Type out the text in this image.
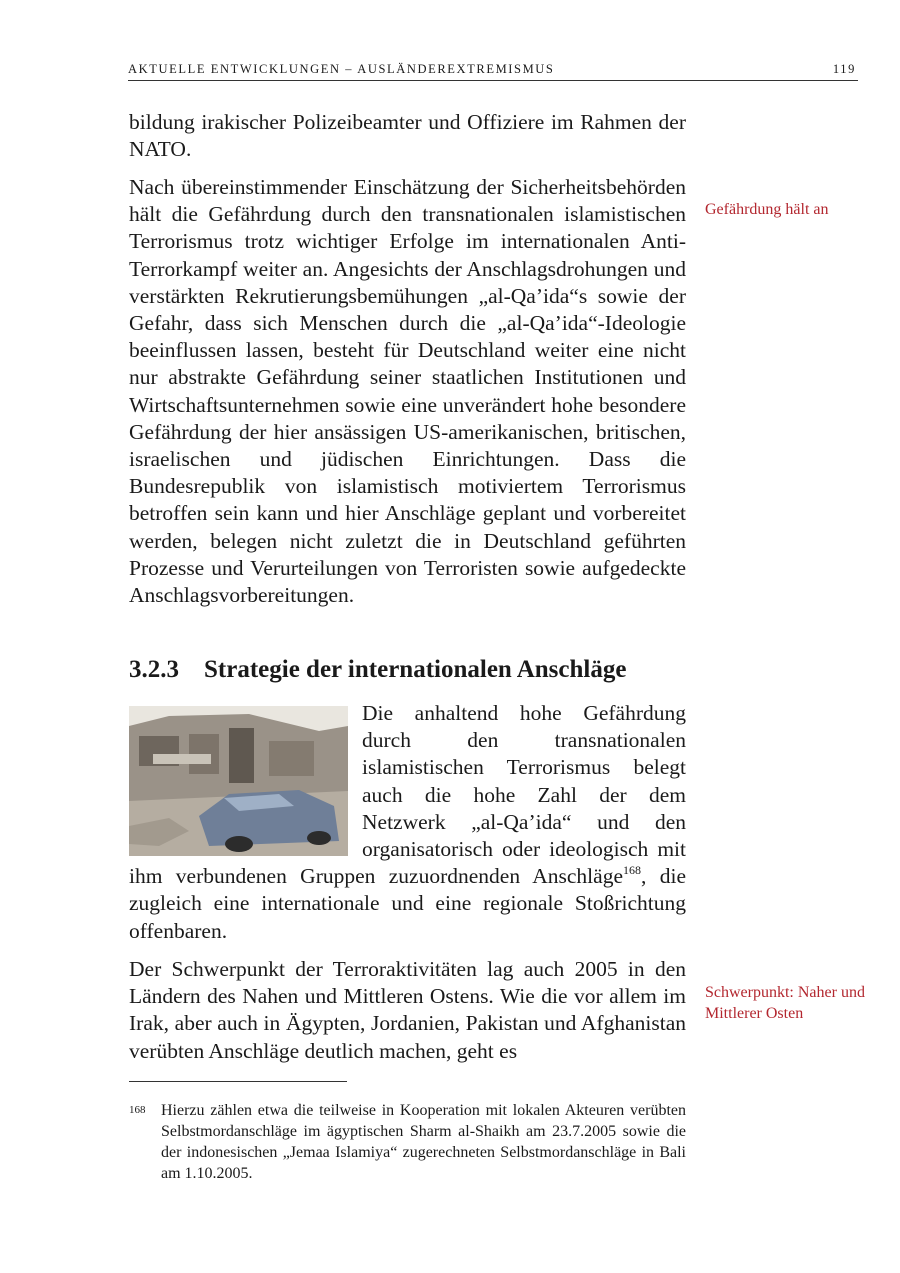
AKTUELLE ENTWICKLUNGEN – AUSLÄNDEREXTREMISMUS	119

bildung irakischer Polizeibeamter und Offiziere im Rahmen der NATO.

Nach übereinstimmender Einschätzung der Sicherheitsbehörden hält die Gefährdung durch den transnationalen islamistischen Terrorismus trotz wichtiger Erfolge im internationalen Anti-Terrorkampf weiter an. Angesichts der Anschlagsdrohungen und verstärkten Rekrutierungsbemühungen „al-Qa’ida“s sowie der Gefahr, dass sich Menschen durch die „al-Qa’ida“-Ideologie beeinflussen lassen, besteht für Deutschland weiter eine nicht nur abstrakte Gefährdung seiner staatlichen Institutionen und Wirtschaftsunternehmen sowie eine unverändert hohe besondere Gefährdung der hier ansässigen US-amerikanischen, britischen, israelischen und jüdischen Einrichtungen. Dass die Bundesrepublik von islamistisch motiviertem Terrorismus betroffen sein kann und hier Anschläge geplant und vorbereitet werden, belegen nicht zuletzt die in Deutschland geführten Prozesse und Verurteilungen von Terroristen sowie aufgedeckte Anschlagsvorbereitungen.

Gefährdung hält an
3.2.3 Strategie der internationalen Anschläge

Die anhaltend hohe Gefährdung durch den transnationalen islamistischen Terrorismus belegt auch die hohe Zahl der dem Netzwerk „al-Qa’ida“ und den organisatorisch oder ideologisch mit ihm verbundenen Gruppen zuzuordnenden Anschläge$^{168}$, die zugleich eine internationale und eine regionale Stoßrichtung offenbaren.

Der Schwerpunkt der Terroraktivitäten lag auch 2005 in den Ländern des Nahen und Mittleren Ostens. Wie die vor allem im Irak, aber auch in Ägypten, Jordanien, Pakistan und Afghanistan verübten Anschläge deutlich machen, geht es

Schwerpunkt: Naher und Mittlerer Osten
168 Hierzu zählen etwa die teilweise in Kooperation mit lokalen Akteuren verübten Selbstmordanschläge im ägyptischen Sharm al-Shaikh am 23.7.2005 sowie die der indonesischen „Jemaa Islamiya“ zugerechneten Selbstmordanschläge in Bali am 1.10.2005.
